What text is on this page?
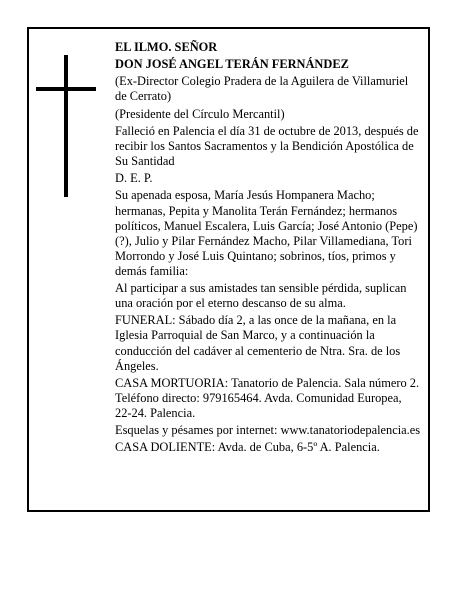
EL ILMO. SEÑOR

DON JOSÉ ANGEL TERÁN FERNÁNDEZ

(Ex-Director Colegio Pradera de la Aguilera de Villamuriel de Cerrato)

(Presidente del Círculo Mercantil)

Falleció en Palencia el día 31 de octubre de 2013, después de recibir los Santos Sacramentos y la Bendición Apostólica de Su Santidad

D. E. P.

Su apenada esposa, María Jesús Hompanera Macho; hermanas, Pepita y Manolita Terán Fernández; hermanos políticos, Manuel Escalera, Luis García; José Antonio (Pepe) (?), Julio y Pilar Fernández Macho, Pilar Villamediana, Tori Morrondo y José Luis Quintano; sobrinos, tíos, primos y demás familia:

Al participar a sus amistades tan sensible pérdida, suplican una oración por el eterno descanso de su alma.

FUNERAL: Sábado día 2, a las once de la mañana, en la Iglesia Parroquial de San Marco, y a continuación la conducción del cadáver al cementerio de Ntra. Sra. de los Ángeles.

CASA MORTUORIA: Tanatorio de Palencia. Sala número 2. Teléfono directo: 979165464. Avda. Comunidad Europea, 22-24. Palencia.

Esquelas y pésames por internet: www.tanatoriodepalencia.es

CASA DOLIENTE: Avda. de Cuba, 6-5º A. Palencia.
